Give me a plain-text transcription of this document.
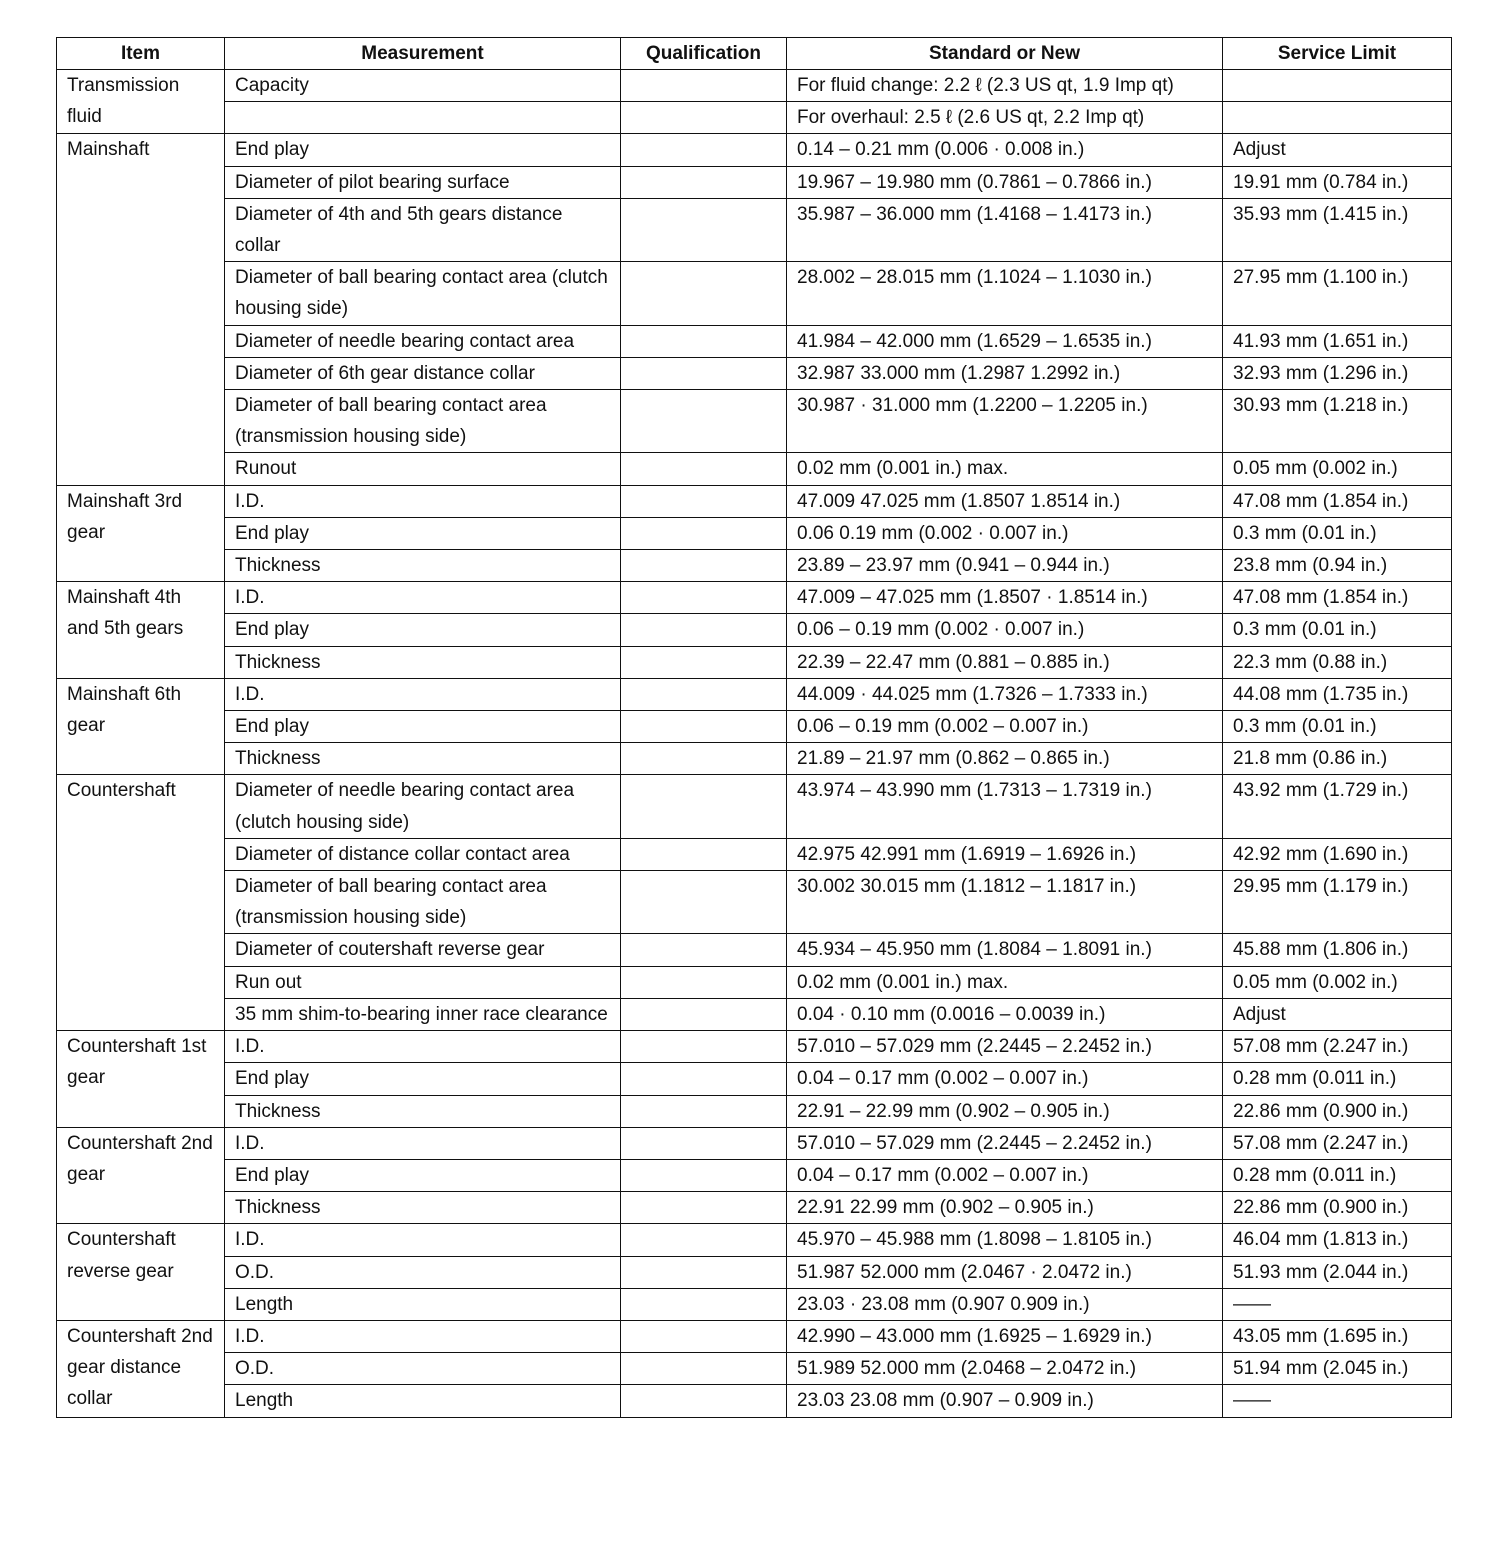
Item	Measurement	Qualification	Standard or New	Service Limit
Transmission fluid	Capacity		For fluid change: 2.2 ℓ (2.3 US qt, 1.9 Imp qt)	
			For overhaul: 2.5 ℓ (2.6 US qt, 2.2 Imp qt)	
Mainshaft	End play		0.14 – 0.21 mm (0.006 · 0.008 in.)	Adjust
	Diameter of pilot bearing surface		19.967 – 19.980 mm (0.7861 – 0.7866 in.)	19.91 mm (0.784 in.)
	Diameter of 4th and 5th gears distance collar		35.987 – 36.000 mm (1.4168 – 1.4173 in.)	35.93 mm (1.415 in.)
	Diameter of ball bearing contact area (clutch housing side)		28.002 – 28.015 mm (1.1024 – 1.1030 in.)	27.95 mm (1.100 in.)
	Diameter of needle bearing contact area		41.984 – 42.000 mm (1.6529 – 1.6535 in.)	41.93 mm (1.651 in.)
	Diameter of 6th gear distance collar		32.987 33.000 mm (1.2987 1.2992 in.)	32.93 mm (1.296 in.)
	Diameter of ball bearing contact area (transmission housing side)		30.987 · 31.000 mm (1.2200 – 1.2205 in.)	30.93 mm (1.218 in.)
	Runout		0.02 mm (0.001 in.) max.	0.05 mm (0.002 in.)
Mainshaft 3rd gear	I.D.		47.009 47.025 mm (1.8507 1.8514 in.)	47.08 mm (1.854 in.)
	End play		0.06 0.19 mm (0.002 · 0.007 in.)	0.3 mm (0.01 in.)
	Thickness		23.89 – 23.97 mm (0.941 – 0.944 in.)	23.8 mm (0.94 in.)
Mainshaft 4th and 5th gears	I.D.		47.009 – 47.025 mm (1.8507 · 1.8514 in.)	47.08 mm (1.854 in.)
	End play		0.06 – 0.19 mm (0.002 · 0.007 in.)	0.3 mm (0.01 in.)
	Thickness		22.39 – 22.47 mm (0.881 – 0.885 in.)	22.3 mm (0.88 in.)
Mainshaft 6th gear	I.D.		44.009 · 44.025 mm (1.7326 – 1.7333 in.)	44.08 mm (1.735 in.)
	End play		0.06 – 0.19 mm (0.002 – 0.007 in.)	0.3 mm (0.01 in.)
	Thickness		21.89 – 21.97 mm (0.862 – 0.865 in.)	21.8 mm (0.86 in.)
Countershaft	Diameter of needle bearing contact area (clutch housing side)		43.974 – 43.990 mm (1.7313 – 1.7319 in.)	43.92 mm (1.729 in.)
	Diameter of distance collar contact area		42.975 42.991 mm (1.6919 – 1.6926 in.)	42.92 mm (1.690 in.)
	Diameter of ball bearing contact area (transmission housing side)		30.002 30.015 mm (1.1812 – 1.1817 in.)	29.95 mm (1.179 in.)
	Diameter of coutershaft reverse gear		45.934 – 45.950 mm (1.8084 – 1.8091 in.)	45.88 mm (1.806 in.)
	Run out		0.02 mm (0.001 in.) max.	0.05 mm (0.002 in.)
	35 mm shim-to-bearing inner race clearance		0.04 · 0.10 mm (0.0016 – 0.0039 in.)	Adjust
Countershaft 1st gear	I.D.		57.010 – 57.029 mm (2.2445 – 2.2452 in.)	57.08 mm (2.247 in.)
	End play		0.04 – 0.17 mm (0.002 – 0.007 in.)	0.28 mm (0.011 in.)
	Thickness		22.91 – 22.99 mm (0.902 – 0.905 in.)	22.86 mm (0.900 in.)
Countershaft 2nd gear	I.D.		57.010 – 57.029 mm (2.2445 – 2.2452 in.)	57.08 mm (2.247 in.)
	End play		0.04 – 0.17 mm (0.002 – 0.007 in.)	0.28 mm (0.011 in.)
	Thickness		22.91 22.99 mm (0.902 – 0.905 in.)	22.86 mm (0.900 in.)
Countershaft reverse gear	I.D.		45.970 – 45.988 mm (1.8098 – 1.8105 in.)	46.04 mm (1.813 in.)
	O.D.		51.987 52.000 mm (2.0467 · 2.0472 in.)	51.93 mm (2.044 in.)
	Length		23.03 · 23.08 mm (0.907 0.909 in.)	——
Countershaft 2nd gear distance collar	I.D.		42.990 – 43.000 mm (1.6925 – 1.6929 in.)	43.05 mm (1.695 in.)
	O.D.		51.989 52.000 mm (2.0468 – 2.0472 in.)	51.94 mm (2.045 in.)
	Length		23.03 23.08 mm (0.907 – 0.909 in.)	——
